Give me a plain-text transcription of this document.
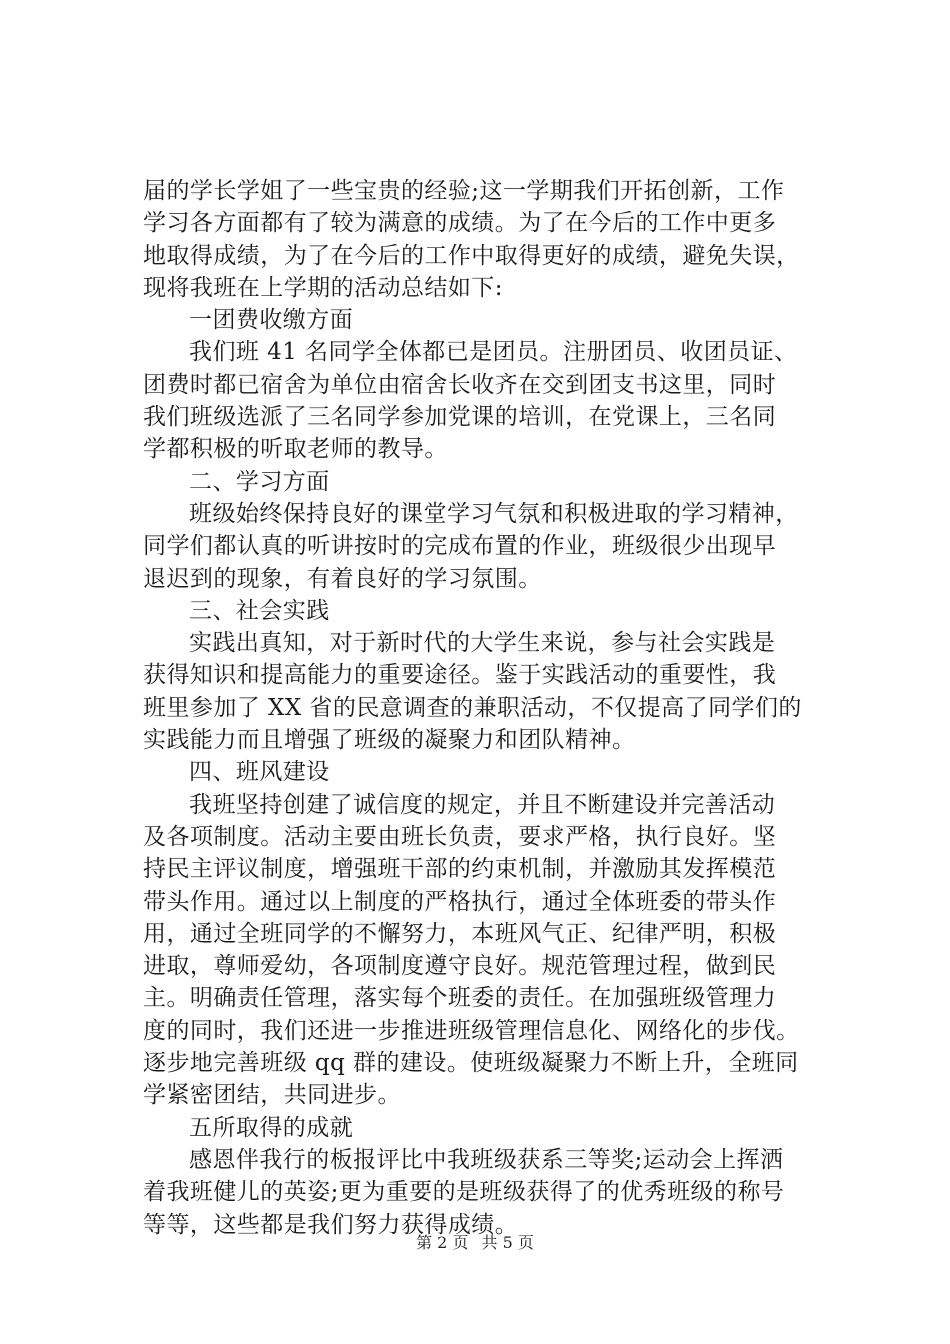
届的学长学姐了一些宝贵的经验;这一学期我们开拓创新，工作
学习各方面都有了较为满意的成绩。为了在今后的工作中更多
地取得成绩，为了在今后的工作中取得更好的成绩，避免失误，
现将我班在上学期的活动总结如下:
一团费收缴方面
我们班 41 名同学全体都已是团员。注册团员、收团员证、
团费时都已宿舍为单位由宿舍长收齐在交到团支书这里，同时
我们班级选派了三名同学参加党课的培训，在党课上，三名同
学都积极的听取老师的教导。
二、学习方面
班级始终保持良好的课堂学习气氛和积极进取的学习精神，
同学们都认真的听讲按时的完成布置的作业，班级很少出现早
退迟到的现象，有着良好的学习氛围。
三、社会实践
实践出真知，对于新时代的大学生来说，参与社会实践是
获得知识和提高能力的重要途径。鉴于实践活动的重要性，我
班里参加了 XX 省的民意调查的兼职活动，不仅提高了同学们的
实践能力而且增强了班级的凝聚力和团队精神。
四、班风建设
我班坚持创建了诚信度的规定，并且不断建设并完善活动
及各项制度。活动主要由班长负责，要求严格，执行良好。坚
持民主评议制度，增强班干部的约束机制，并激励其发挥模范
带头作用。通过以上制度的严格执行，通过全体班委的带头作
用，通过全班同学的不懈努力，本班风气正、纪律严明，积极
进取，尊师爱幼，各项制度遵守良好。规范管理过程，做到民
主。明确责任管理，落实每个班委的责任。在加强班级管理力
度的同时，我们还进一步推进班级管理信息化、网络化的步伐。
逐步地完善班级 qq 群的建设。使班级凝聚力不断上升，全班同
学紧密团结，共同进步。
五所取得的成就
感恩伴我行的板报评比中我班级获系三等奖;运动会上挥洒
着我班健儿的英姿;更为重要的是班级获得了的优秀班级的称号
等等，这些都是我们努力获得成绩。
第 2 页 共 5 页
